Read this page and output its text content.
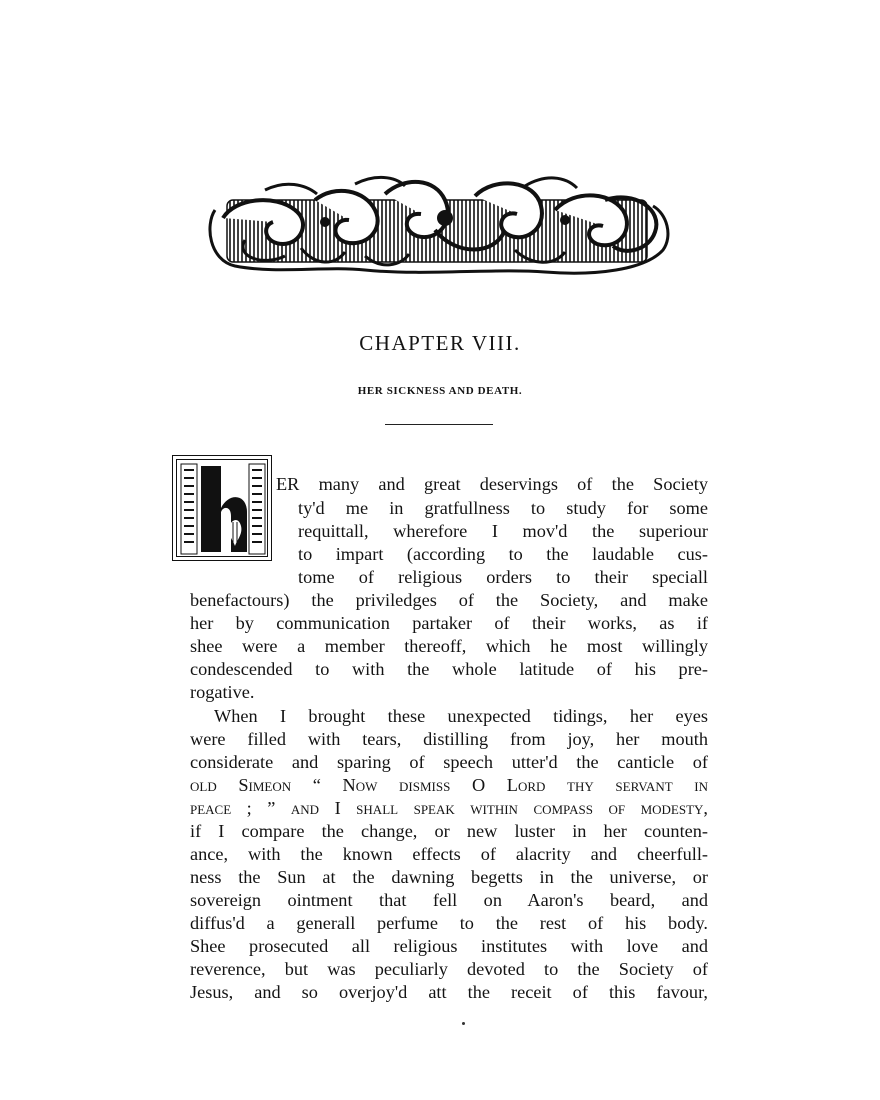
CHAPTER VIII.
HER SICKNESS AND DEATH.
ER many and great deservings of the Society
ty'd me in gratfullness to study for some
requittall, wherefore I mov'd the superiour
to impart (according to the laudable cus-
tome of religious orders to their speciall
benefactours) the priviledges of the Society, and make
her by communication partaker of their works, as if
shee were a member thereoff, which he most willingly
condescended to with the whole latitude of his pre-
rogative.
When I brought these unexpected tidings, her eyes
were filled with tears, distilling from joy, her mouth
considerate and sparing of speech utter'd the canticle of
old Simeon “ Now dismiss O Lord thy servant in
peace ; ” and I shall speak within compass of modesty,
if I compare the change, or new luster in her counten-
ance, with the known effects of alacrity and cheerfull-
ness the Sun at the dawning begetts in the universe, or
sovereign ointment that fell on Aaron's beard, and
diffus'd a generall perfume to the rest of his body.
Shee prosecuted all religious institutes with love and
reverence, but was peculiarly devoted to the Society of
Jesus, and so overjoy'd att the receit of this favour,
